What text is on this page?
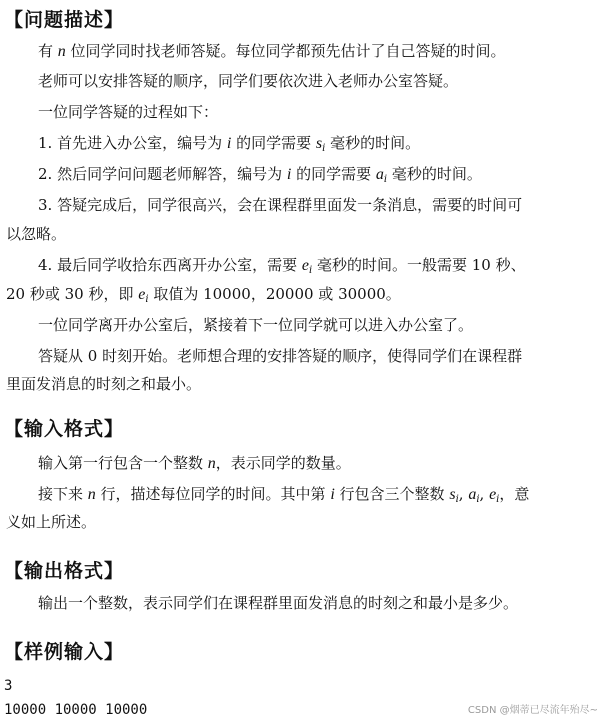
【问题描述】
有 n 位同学同时找老师答疑。每位同学都预先估计了自己答疑的时间。
老师可以安排答疑的顺序，同学们要依次进入老师办公室答疑。
一位同学答疑的过程如下：
1. 首先进入办公室，编号为 i 的同学需要 $s_i$ 毫秒的时间。
2. 然后同学问问题老师解答，编号为 i 的同学需要 $a_i$ 毫秒的时间。
3. 答疑完成后，同学很高兴，会在课程群里面发一条消息，需要的时间可
以忽略。
4. 最后同学收拾东西离开办公室，需要 $e_i$ 毫秒的时间。一般需要 10 秒、
20 秒或 30 秒，即 $e_i$ 取值为 10000，20000 或 30000。
一位同学离开办公室后，紧接着下一位同学就可以进入办公室了。
答疑从 0 时刻开始。老师想合理的安排答疑的顺序，使得同学们在课程群
里面发消息的时刻之和最小。
【输入格式】
输入第一行包含一个整数 n，表示同学的数量。
接下来 n 行，描述每位同学的时间。其中第 i 行包含三个整数 $s_i$, $a_i$, $e_i$，意
义如上所述。
【输出格式】
输出一个整数，表示同学们在课程群里面发消息的时刻之和最小是多少。
【样例输入】
3
10000 10000 10000	CSDN @烟蒂已尽流年殆尽~
